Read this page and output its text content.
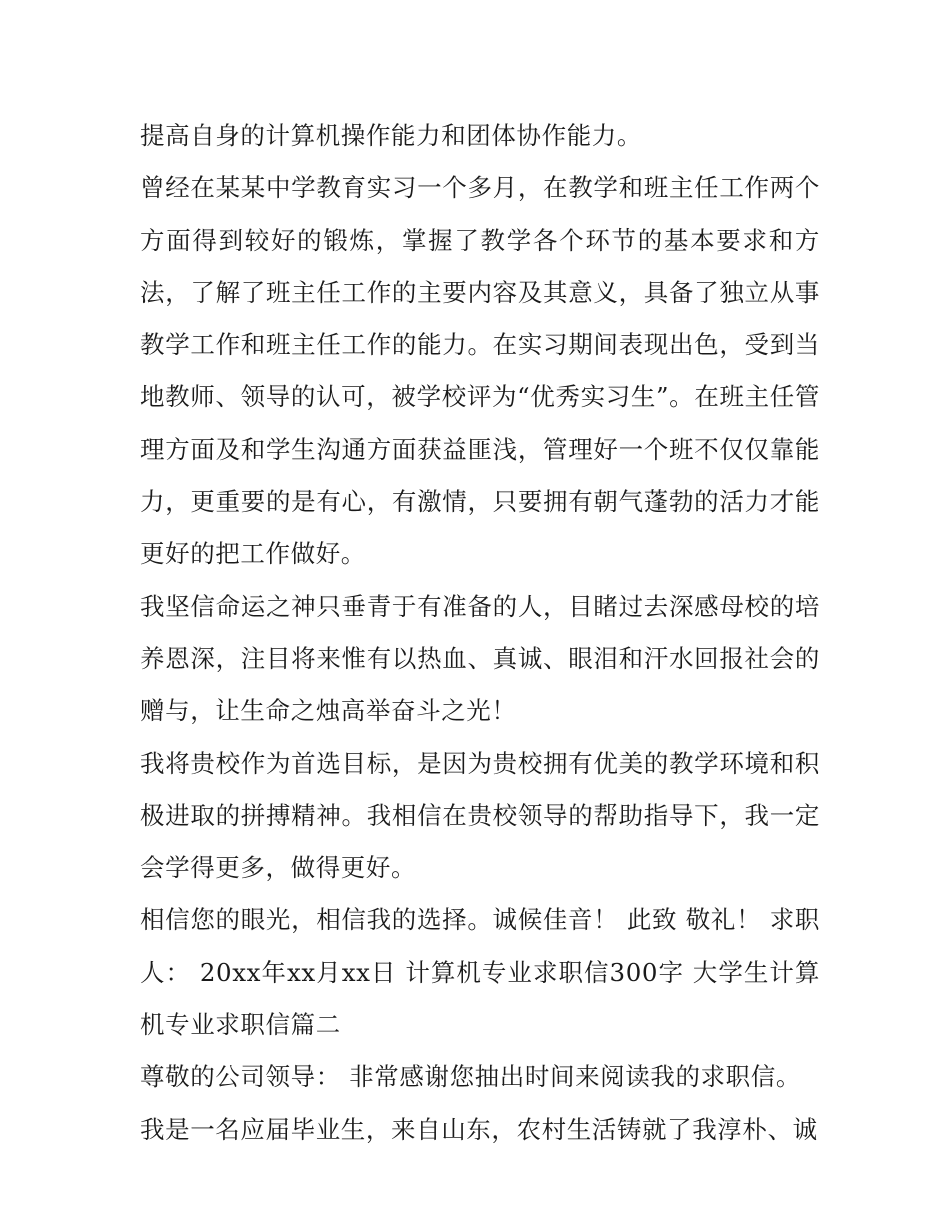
提高自身的计算机操作能力和团体协作能力。

曾经在某某中学教育实习一个多月，在教学和班主任工作两个方面得到较好的锻炼，掌握了教学各个环节的基本要求和方法，了解了班主任工作的主要内容及其意义，具备了独立从事教学工作和班主任工作的能力。在实习期间表现出色，受到当地教师、领导的认可，被学校评为“优秀实习生”。在班主任管理方面及和学生沟通方面获益匪浅，管理好一个班不仅仅靠能力，更重要的是有心，有激情，只要拥有朝气蓬勃的活力才能更好的把工作做好。

我坚信命运之神只垂青于有准备的人，目睹过去深感母校的培养恩深，注目将来惟有以热血、真诚、眼泪和汗水回报社会的赠与，让生命之烛高举奋斗之光！

我将贵校作为首选目标，是因为贵校拥有优美的教学环境和积极进取的拼搏精神。我相信在贵校领导的帮助指导下，我一定会学得更多，做得更好。

相信您的眼光，相信我的选择。诚候佳音！ 此致 敬礼！ 求职人： 20xx年xx月xx日 计算机专业求职信300字 大学生计算机专业求职信篇二

尊敬的公司领导： 非常感谢您抽出时间来阅读我的求职信。

我是一名应届毕业生，来自山东，农村生活铸就了我淳朴、诚
